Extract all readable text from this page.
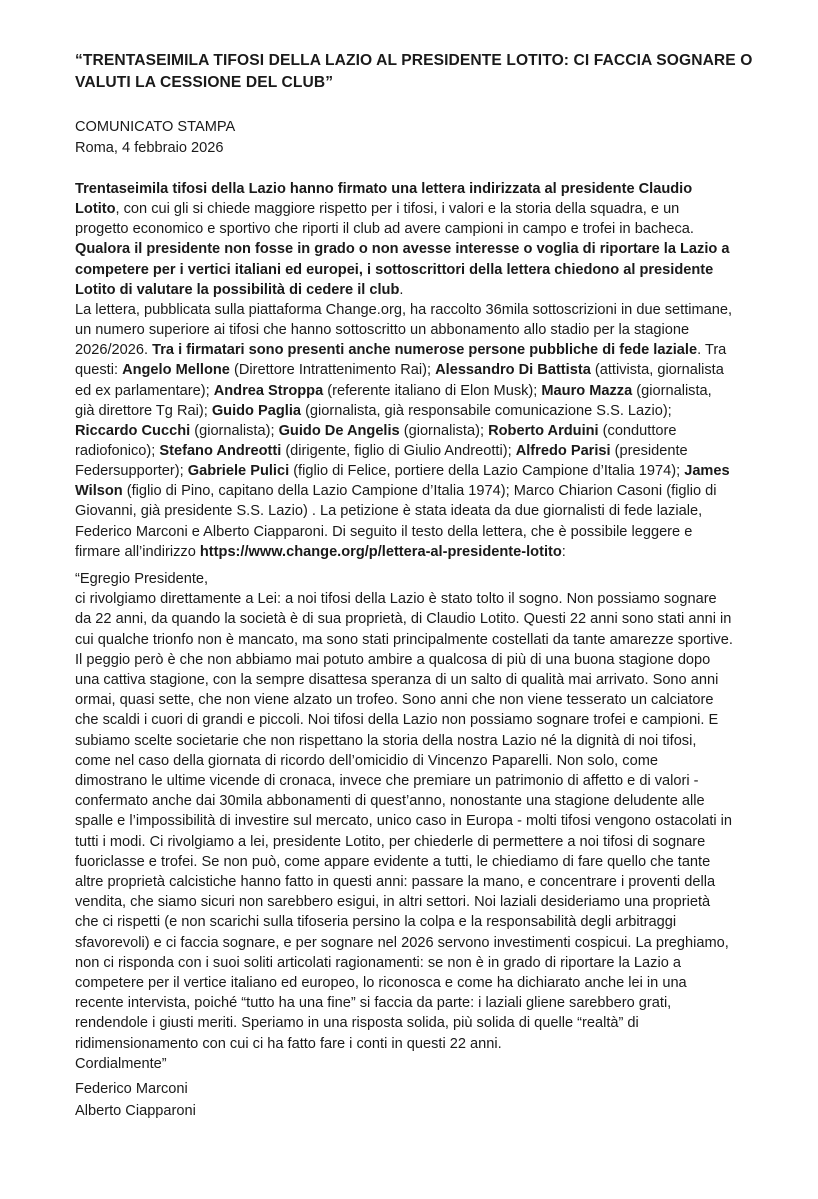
“TRENTASEIMILA TIFOSI DELLA LAZIO AL PRESIDENTE LOTITO: CI FACCIA SOGNARE O
VALUTI LA CESSIONE DEL CLUB”

COMUNICATO STAMPA

Roma, 4 febbraio 2026

Trentaseimila tifosi della Lazio hanno firmato una lettera indirizzata al presidente Claudio

Lotito, con cui gli si chiede maggiore rispetto per i tifosi, i valori e la storia della squadra, e un

progetto economico e sportivo che riporti il club ad avere campioni in campo e trofei in bacheca.

Qualora il presidente non fosse in grado o non avesse interesse o voglia di riportare la Lazio a

competere per i vertici italiani ed europei, i sottoscrittori della lettera chiedono al presidente

Lotito di valutare la possibilità di cedere il club.

La lettera, pubblicata sulla piattaforma Change.org, ha raccolto 36mila sottoscrizioni in due settimane,

un numero superiore ai tifosi che hanno sottoscritto un abbonamento allo stadio per la stagione

2026/2026. Tra i firmatari sono presenti anche numerose persone pubbliche di fede laziale. Tra

questi: Angelo Mellone (Direttore Intrattenimento Rai); Alessandro Di Battista (attivista, giornalista

ed ex parlamentare); Andrea Stroppa (referente italiano di Elon Musk); Mauro Mazza (giornalista,

già direttore Tg Rai); Guido Paglia (giornalista, già responsabile comunicazione S.S. Lazio);

Riccardo Cucchi (giornalista); Guido De Angelis (giornalista); Roberto Arduini (conduttore

radiofonico); Stefano Andreotti (dirigente, figlio di Giulio Andreotti); Alfredo Parisi (presidente

Federsupporter); Gabriele Pulici (figlio di Felice, portiere della Lazio Campione d’Italia 1974); James

Wilson (figlio di Pino, capitano della Lazio Campione d’Italia 1974); Marco Chiarion Casoni (figlio di

Giovanni, già presidente S.S. Lazio) . La petizione è stata ideata da due giornalisti di fede laziale,

Federico Marconi e Alberto Ciapparoni. Di seguito il testo della lettera, che è possibile leggere e

firmare all’indirizzo https://www.change.org/p/lettera-al-presidente-lotito:

“Egregio Presidente,

ci rivolgiamo direttamente a Lei: a noi tifosi della Lazio è stato tolto il sogno. Non possiamo sognare

da 22 anni, da quando la società è di sua proprietà, di Claudio Lotito. Questi 22 anni sono stati anni in

cui qualche trionfo non è mancato, ma sono stati principalmente costellati da tante amarezze sportive.

Il peggio però è che non abbiamo mai potuto ambire a qualcosa di più di una buona stagione dopo

una cattiva stagione, con la sempre disattesa speranza di un salto di qualità mai arrivato. Sono anni

ormai, quasi sette, che non viene alzato un trofeo. Sono anni che non viene tesserato un calciatore

che scaldi i cuori di grandi e piccoli. Noi tifosi della Lazio non possiamo sognare trofei e campioni. E

subiamo scelte societarie che non rispettano la storia della nostra Lazio né la dignità di noi tifosi,

come nel caso della giornata di ricordo dell’omicidio di Vincenzo Paparelli. Non solo, come

dimostrano le ultime vicende di cronaca, invece che premiare un patrimonio di affetto e di valori -

confermato anche dai 30mila abbonamenti di quest’anno, nonostante una stagione deludente alle

spalle e l’impossibilità di investire sul mercato, unico caso in Europa - molti tifosi vengono ostacolati in

tutti i modi. Ci rivolgiamo a lei, presidente Lotito, per chiederle di permettere a noi tifosi di sognare

fuoriclasse e trofei. Se non può, come appare evidente a tutti, le chiediamo di fare quello che tante

altre proprietà calcistiche hanno fatto in questi anni: passare la mano, e concentrare i proventi della

vendita, che siamo sicuri non sarebbero esigui, in altri settori. Noi laziali desideriamo una proprietà

che ci rispetti (e non scarichi sulla tifoseria persino la colpa e la responsabilità degli arbitraggi

sfavorevoli) e ci faccia sognare, e per sognare nel 2026 servono investimenti cospicui. La preghiamo,

non ci risponda con i suoi soliti articolati ragionamenti: se non è in grado di riportare la Lazio a

competere per il vertice italiano ed europeo, lo riconosca e come ha dichiarato anche lei in una

recente intervista, poiché “tutto ha una fine” si faccia da parte: i laziali gliene sarebbero grati,

rendendole i giusti meriti. Speriamo in una risposta solida, più solida di quelle “realtà” di

ridimensionamento con cui ci ha fatto fare i conti in questi 22 anni.

Cordialmente”

Federico Marconi

Alberto Ciapparoni
